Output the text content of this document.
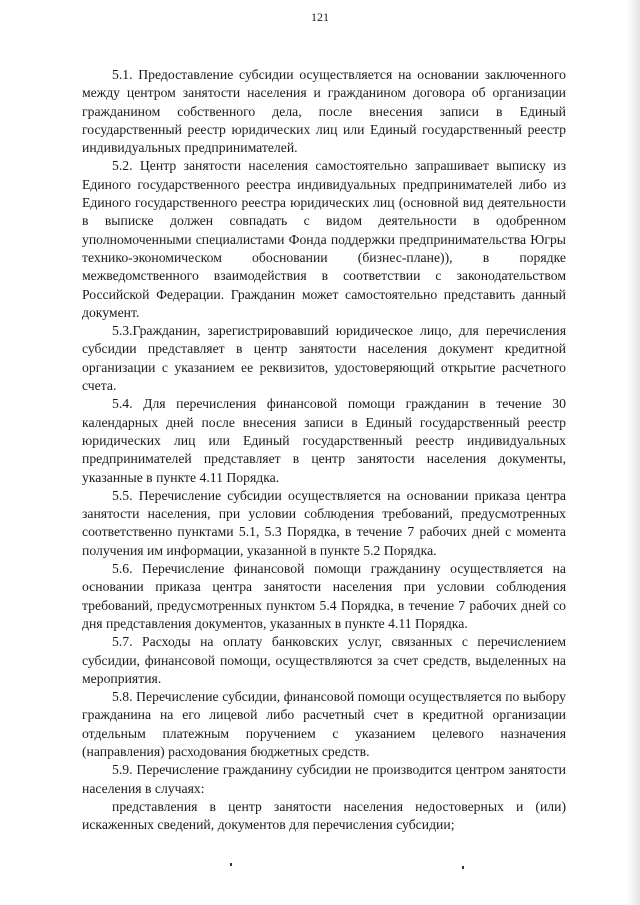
121

5.1. Предоставление субсидии осуществляется на основании заключенного между центром занятости населения и гражданином договора об организации гражданином собственного дела, после внесения записи в Единый государственный реестр юридических лиц или Единый государственный реестр индивидуальных предпринимателей.

5.2. Центр занятости населения самостоятельно запрашивает выписку из Единого государственного реестра индивидуальных предпринимателей либо из Единого государственного реестра юридических лиц (основной вид деятельности в выписке должен совпадать с видом деятельности в одобренном уполномоченными специалистами Фонда поддержки предпринимательства Югры технико-экономическом обосновании (бизнес-плане)), в порядке межведомственного взаимодействия в соответствии с законодательством Российской Федерации. Гражданин может самостоятельно представить данный документ.

5.3.Гражданин, зарегистрировавший юридическое лицо, для перечисления субсидии представляет в центр занятости населения документ кредитной организации с указанием ее реквизитов, удостоверяющий открытие расчетного счета.

5.4. Для перечисления финансовой помощи гражданин в течение 30 календарных дней после внесения записи в Единый государственный реестр юридических лиц или Единый государственный реестр индивидуальных предпринимателей представляет в центр занятости населения документы, указанные в пункте 4.11 Порядка.

5.5. Перечисление субсидии осуществляется на основании приказа центра занятости населения, при условии соблюдения требований, предусмотренных соответственно пунктами 5.1, 5.3 Порядка, в течение 7 рабочих дней с момента получения им информации, указанной в пункте 5.2 Порядка.

5.6. Перечисление финансовой помощи гражданину осуществляется на основании приказа центра занятости населения при условии соблюдения требований, предусмотренных пунктом 5.4 Порядка, в течение 7 рабочих дней со дня представления документов, указанных в пункте 4.11 Порядка.

5.7. Расходы на оплату банковских услуг, связанных с перечислением субсидии, финансовой помощи, осуществляются за счет средств, выделенных на мероприятия.

5.8. Перечисление субсидии, финансовой помощи осуществляется по выбору гражданина на его лицевой либо расчетный счет в кредитной организации отдельным платежным поручением с указанием целевого назначения (направления) расходования бюджетных средств.

5.9. Перечисление гражданину субсидии не производится центром занятости населения в случаях:

представления в центр занятости населения недостоверных и (или) искаженных сведений, документов для перечисления субсидии;
